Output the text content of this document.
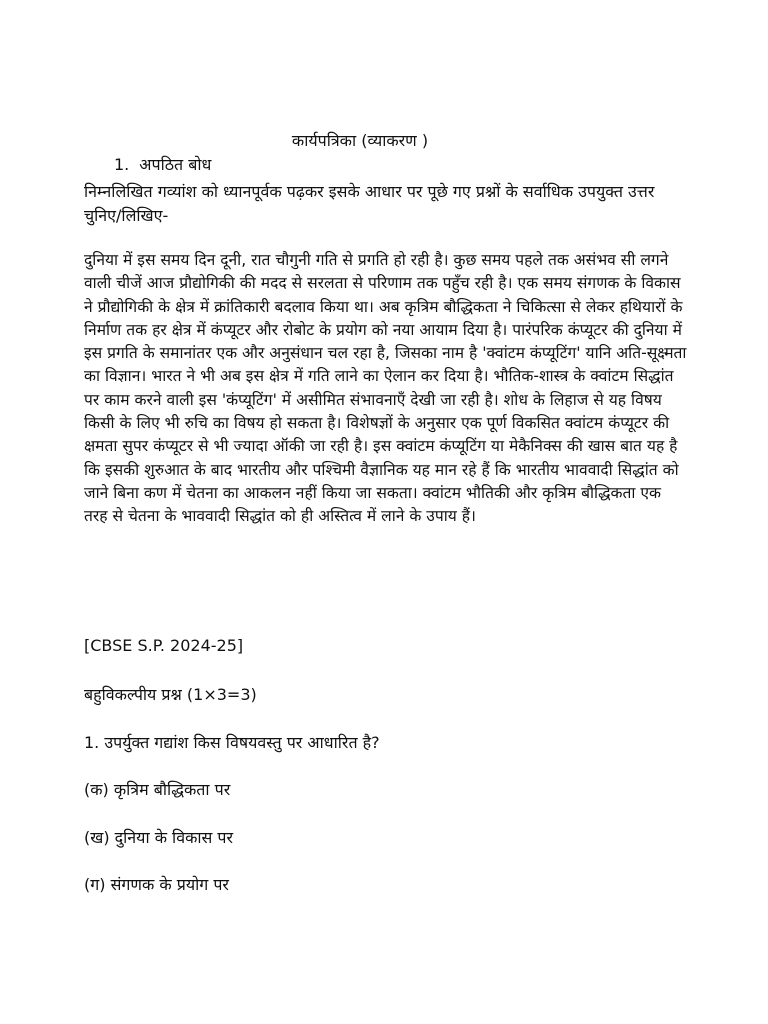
कार्यपत्रिका (व्याकरण )
1. अपठित बोध
निम्नलिखित गव्यांश को ध्यानपूर्वक पढ़कर इसके आधार पर पूछे गए प्रश्नों के सर्वाधिक उपयुक्त उत्तर चुनिए/लिखिए-

दुनिया में इस समय दिन दूनी, रात चौगुनी गति से प्रगति हो रही है। कुछ समय पहले तक असंभव सी लगने वाली चीजें आज प्रौद्योगिकी की मदद से सरलता से परिणाम तक पहुँच रही है। एक समय संगणक के विकास ने प्रौद्योगिकी के क्षेत्र में क्रांतिकारी बदलाव किया था। अब कृत्रिम बौद्धिकता ने चिकित्सा से लेकर हथियारों के निर्माण तक हर क्षेत्र में कंप्यूटर और रोबोट के प्रयोग को नया आयाम दिया है। पारंपरिक कंप्यूटर की दुनिया में इस प्रगति के समानांतर एक और अनुसंधान चल रहा है, जिसका नाम है 'क्वांटम कंप्यूटिंग' यानि अति-सूक्ष्मता का विज्ञान। भारत ने भी अब इस क्षेत्र में गति लाने का ऐलान कर दिया है। भौतिक-शास्त्र के क्वांटम सिद्धांत पर काम करने वाली इस 'कंप्यूटिंग' में असीमित संभावनाएँ देखी जा रही है। शोध के लिहाज से यह विषय किसी के लिए भी रुचि का विषय हो सकता है। विशेषज्ञों के अनुसार एक पूर्ण विकसित क्वांटम कंप्यूटर की क्षमता सुपर कंप्यूटर से भी ज्यादा ऑकी जा रही है। इस क्वांटम कंप्यूटिंग या मेकैनिक्स की खास बात यह है कि इसकी शुरुआत के बाद भारतीय और पश्चिमी वैज्ञानिक यह मान रहे हैं कि भारतीय भाववादी सिद्धांत को जाने बिना कण में चेतना का आकलन नहीं किया जा सकता। क्वांटम भौतिकी और कृत्रिम बौद्धिकता एक तरह से चेतना के भाववादी सिद्धांत को ही अस्तित्व में लाने के उपाय हैं।

[CBSE S.P. 2024-25]
बहुविकल्पीय प्रश्न (1×3=3)
1. उपर्युक्त गद्यांश किस विषयवस्तु पर आधारित है?
(क) कृत्रिम बौद्धिकता पर
(ख) दुनिया के विकास पर
(ग) संगणक के प्रयोग पर
